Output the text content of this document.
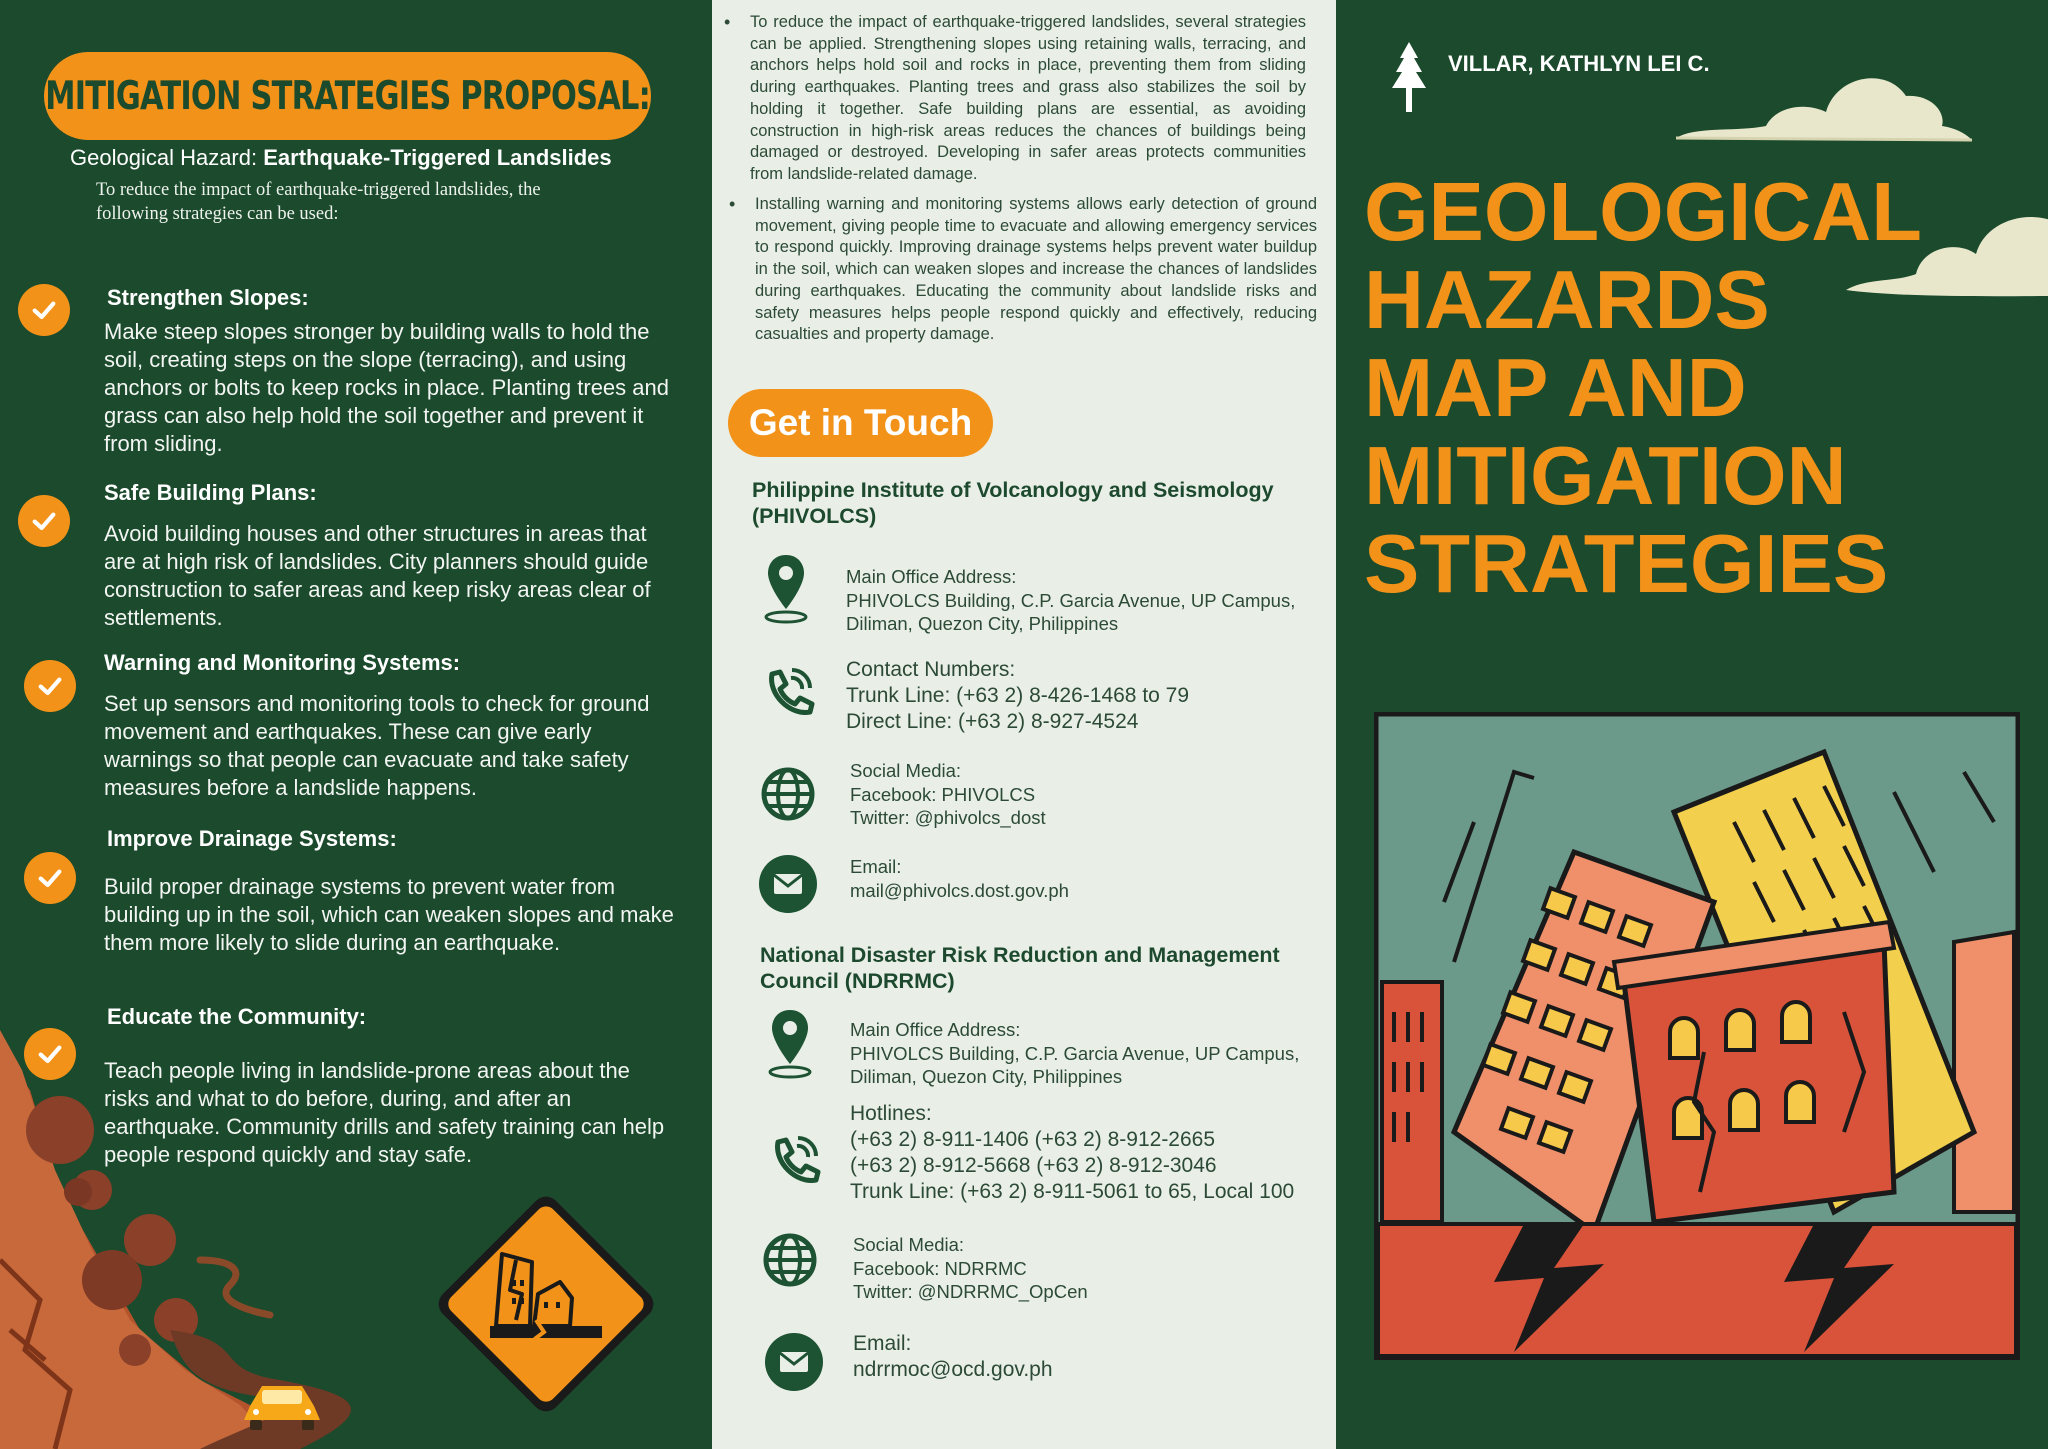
MITIGATION STRATEGIES PROPOSAL:
Geological Hazard: Earthquake-Triggered Landslides

To reduce the impact of earthquake-triggered landslides, the following strategies can be used:

Strengthen Slopes:

Make steep slopes stronger by building walls to hold the soil, creating steps on the slope (terracing), and using anchors or bolts to keep rocks in place. Planting trees and grass can also help hold the soil together and prevent it from sliding.

Safe Building Plans:

Avoid building houses and other structures in areas that are at high risk of landslides. City planners should guide construction to safer areas and keep risky areas clear of settlements.

Warning and Monitoring Systems:

Set up sensors and monitoring tools to check for ground movement and earthquakes. These can give early warnings so that people can evacuate and take safety measures before a landslide happens.

Improve Drainage Systems:

Build proper drainage systems to prevent water from building up in the soil, which can weaken slopes and make them more likely to slide during an earthquake.

Educate the Community:

Teach people living in landslide-prone areas about the risks and what to do before, during, and after an earthquake. Community drills and safety training can help people respond quickly and stay safe.

• To reduce the impact of earthquake-triggered landslides, several strategies can be applied. Strengthening slopes using retaining walls, terracing, and anchors helps hold soil and rocks in place, preventing them from sliding during earthquakes. Planting trees and grass also stabilizes the soil by holding it together. Safe building plans are essential, as avoiding construction in high-risk areas reduces the chances of buildings being damaged or destroyed. Developing in safer areas protects communities from landslide-related damage.

• Installing warning and monitoring systems allows early detection of ground movement, giving people time to evacuate and allowing emergency services to respond quickly. Improving drainage systems helps prevent water buildup in the soil, which can weaken slopes and increase the chances of landslides during earthquakes. Educating the community about landslide risks and safety measures helps people respond quickly and effectively, reducing casualties and property damage.

Get in Touch
Philippine Institute of Volcanology and Seismology (PHIVOLCS)
Main Office Address:
PHIVOLCS Building, C.P. Garcia Avenue, UP Campus,
Diliman, Quezon City, Philippines
Contact Numbers:
Trunk Line: (+63 2) 8-426-1468 to 79
Direct Line: (+63 2) 8-927-4524
Social Media:
Facebook: PHIVOLCS
Twitter: @phivolcs_dost
Email:
mail@phivolcs.dost.gov.ph
National Disaster Risk Reduction and Management Council (NDRRMC)
Main Office Address:
PHIVOLCS Building, C.P. Garcia Avenue, UP Campus,
Diliman, Quezon City, Philippines
Hotlines:
(+63 2) 8-911-1406 (+63 2) 8-912-2665
(+63 2) 8-912-5668 (+63 2) 8-912-3046
Trunk Line: (+63 2) 8-911-5061 to 65, Local 100
Social Media:
Facebook: NDRRMC
Twitter: @NDRRMC_OpCen
Email:
ndrrmoc@ocd.gov.ph
VILLAR, KATHLYN LEI C.
GEOLOGICAL
HAZARDS
MAP AND
MITIGATION
STRATEGIES
